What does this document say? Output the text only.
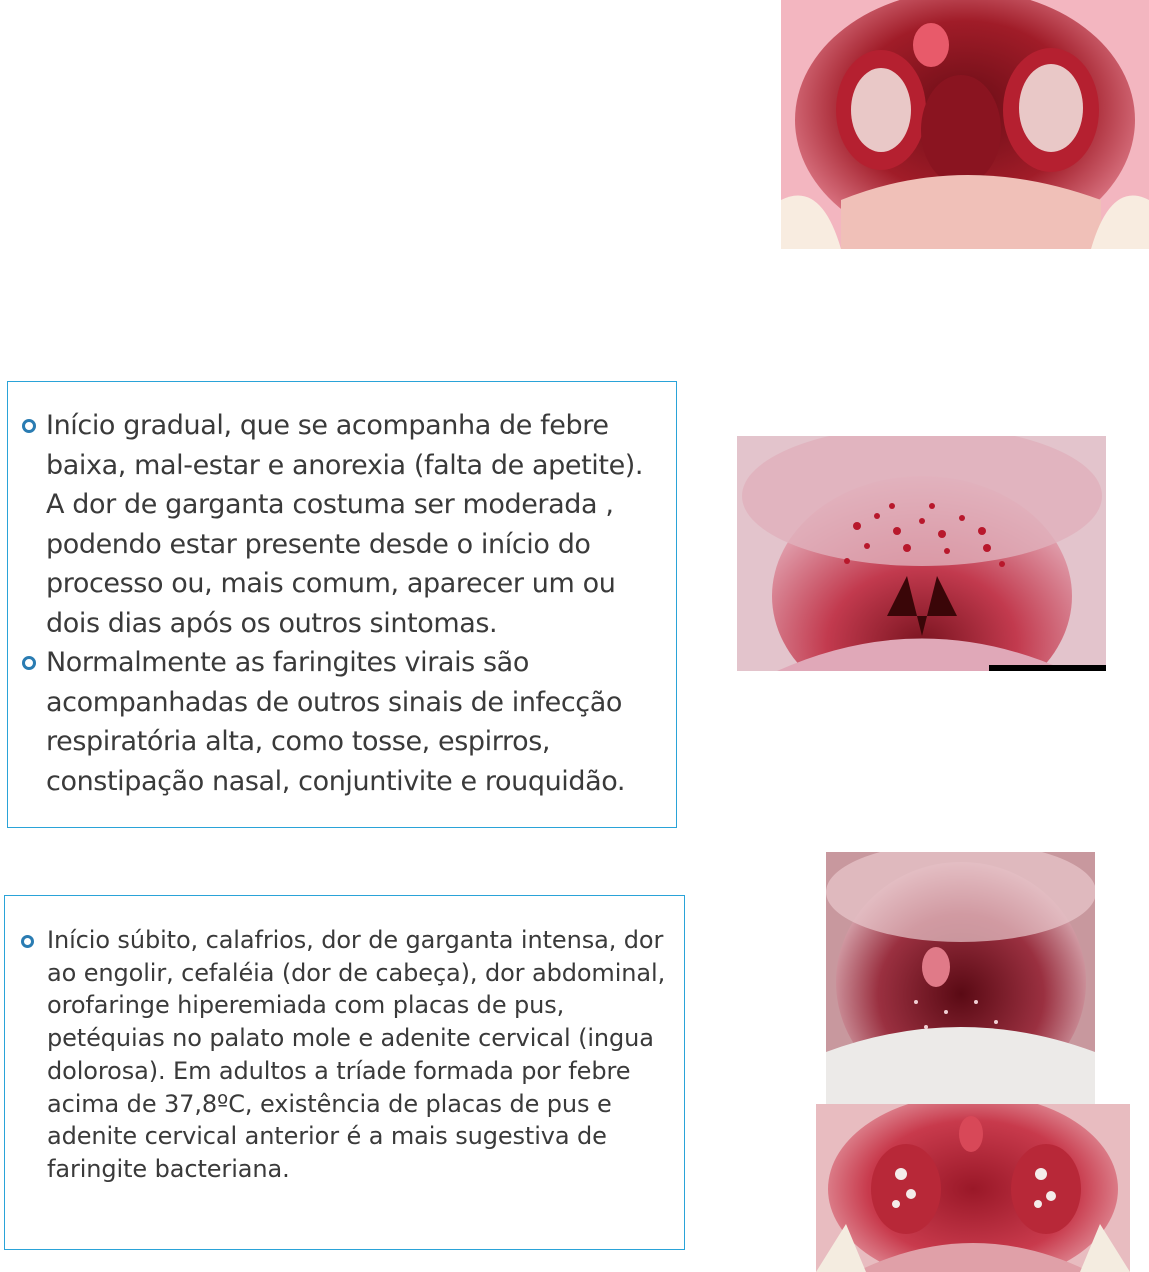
Início gradual, que se acompanha de febre baixa, mal-estar e anorexia (falta de apetite). A dor de garganta costuma ser moderada , podendo estar presente desde o início do processo ou, mais comum, aparecer um ou dois dias após os outros sintomas.
Normalmente as faringites virais são acompanhadas de outros sinais de infecção respiratória alta, como tosse, espirros, constipação nasal, conjuntivite e rouquidão.
Início súbito, calafrios, dor de garganta intensa, dor ao engolir, cefaléia (dor de cabeça), dor abdominal, orofaringe hiperemiada com placas de pus, petéquias no palato mole e adenite cervical (ingua dolorosa). Em adultos a tríade formada por febre acima de 37,8ºC, existência de placas de pus e adenite cervical anterior é a mais sugestiva de faringite bacteriana.
